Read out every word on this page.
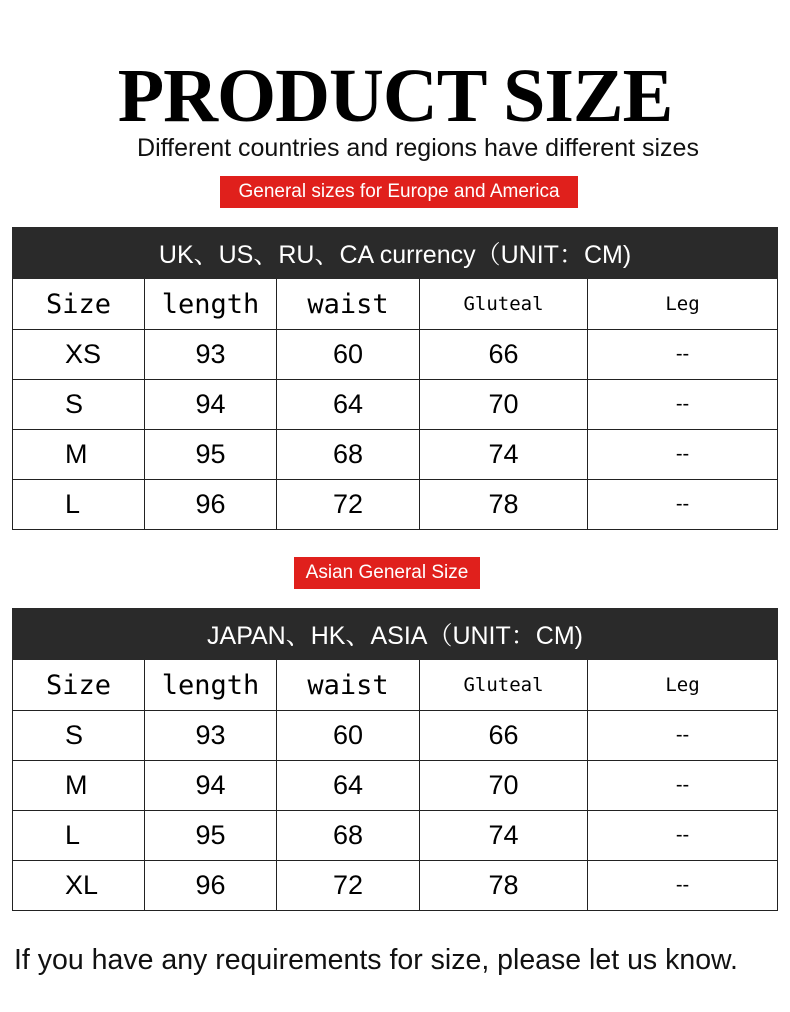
PRODUCT SIZE
Different countries and regions have different sizes
General sizes for Europe and America
UK、US、RU、CA currency（UNIT：CM)				
Size	length	waist	Gluteal	Leg
XS	93	60	66	--
S	94	64	70	--
M	95	68	74	--
L	96	72	78	--
Asian General Size
JAPAN、HK、ASIA（UNIT：CM)				
Size	length	waist	Gluteal	Leg
S	93	60	66	--
M	94	64	70	--
L	95	68	74	--
XL	96	72	78	--
If you have any requirements for size, please let us know.
